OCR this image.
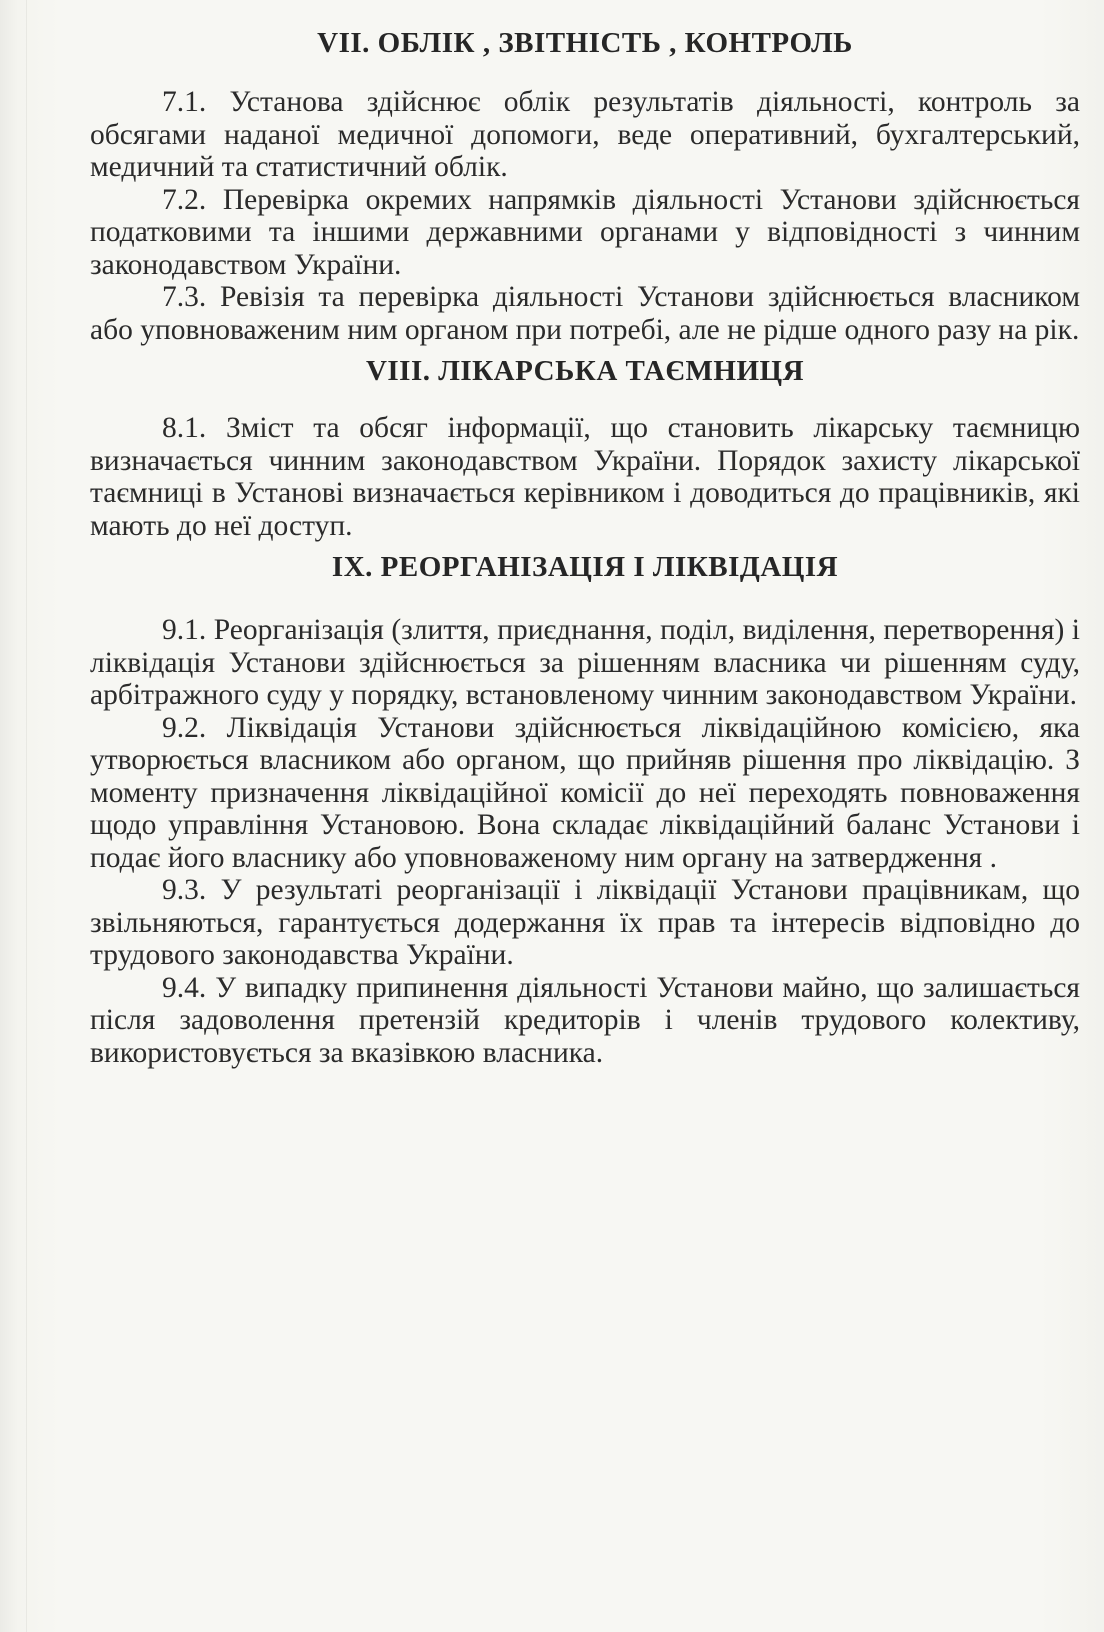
VII. ОБЛІК , ЗВІТНІСТЬ , КОНТРОЛЬ

7.1. Установа здійснює облік результатів діяльності, контроль за обсягами наданої медичної допомоги, веде оперативний, бухгалтерський, медичний та статистичний облік.

7.2. Перевірка окремих напрямків діяльності Установи здійснюється податковими та іншими державними органами у відповідності з чинним законодавством України.

7.3. Ревізія та перевірка діяльності Установи здійснюється власником або уповноваженим ним органом при потребі, але не рідше одного разу на рік.

VIII. ЛІКАРСЬКА ТАЄМНИЦЯ

8.1. Зміст та обсяг інформації, що становить лікарську таємницю визначається чинним законодавством України. Порядок захисту лікарської таємниці в Установі визначається керівником і доводиться до працівників, які мають до неї доступ.

IX. РЕОРГАНІЗАЦІЯ І ЛІКВІДАЦІЯ

9.1. Реорганізація (злиття, приєднання, поділ, виділення, перетворення) і ліквідація Установи здійснюється за рішенням власника чи рішенням суду, арбітражного суду у порядку, встановленому чинним законодавством України.

9.2. Ліквідація Установи здійснюється ліквідаційною комісією, яка утворюється власником або органом, що прийняв рішення про ліквідацію. З моменту призначення ліквідаційної комісії до неї переходять повноваження щодо управління Установою. Вона складає ліквідаційний баланс Установи і подає його власнику або уповноваженому ним органу на затвердження .

9.3. У результаті реорганізації і ліквідації Установи працівникам, що звільняються, гарантується додержання їх прав та інтересів відповідно до трудового законодавства України.

9.4. У випадку припинення діяльності Установи майно, що залишається після задоволення претензій кредиторів і членів трудового колективу, використовується за вказівкою власника.
